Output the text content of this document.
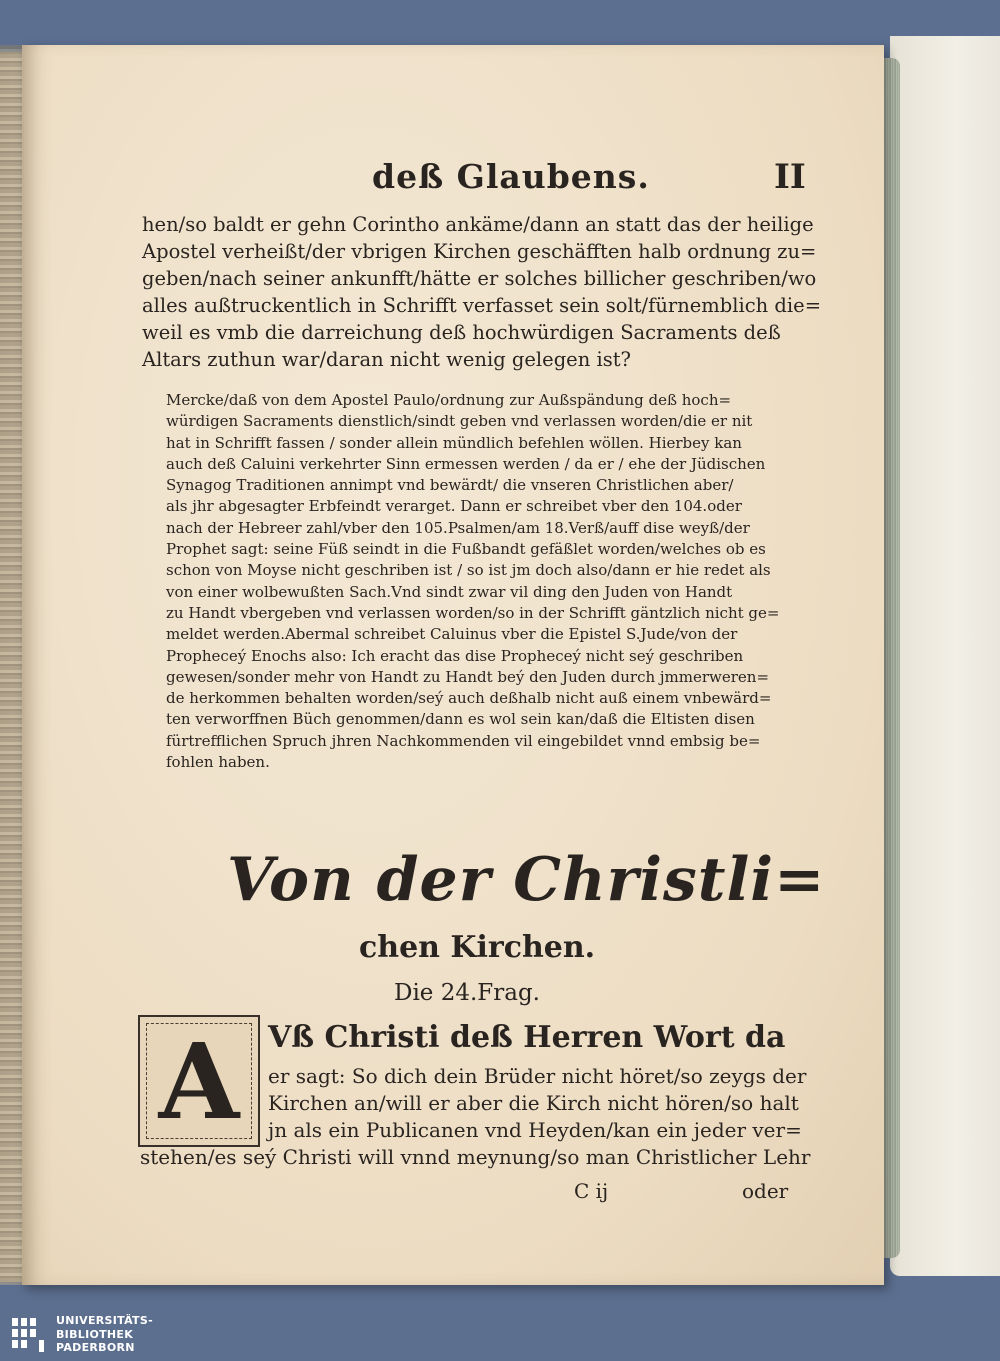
deß Glaubens.	II
hen/so baldt er gehn Corintho ankäme/dann an statt das der heilige
Apostel verheißt/der vbrigen Kirchen geschäfften halb ordnung zu=
geben/nach seiner ankunfft/hätte er solches billicher geschriben/wo
alles außtruckentlich in Schrifft verfasset sein solt/fürnemblich die=
weil es vmb die darreichung deß hochwürdigen Sacraments deß
Altars zuthun war/daran nicht wenig gelegen ist?
Mercke/daß von dem Apostel Paulo/ordnung zur Außspändung deß hoch=
würdigen Sacraments dienstlich/sindt geben vnd verlassen worden/die er nit
hat in Schrifft fassen / sonder allein mündlich befehlen wöllen. Hierbey kan
auch deß Caluini verkehrter Sinn ermessen werden / da er / ehe der Jüdischen
Synagog Traditionen annimpt vnd bewärdt/ die vnseren Christlichen aber/
als jhr abgesagter Erbfeindt verarget. Dann er schreibet vber den 104.oder
nach der Hebreer zahl/vber den 105.Psalmen/am 18.Verß/auff dise weyß/der
Prophet sagt: seine Füß seindt in die Fußbandt gefäßlet worden/welches ob es
schon von Moyse nicht geschriben ist / so ist jm doch also/dann er hie redet als
von einer wolbewußten Sach.Vnd sindt zwar vil ding den Juden von Handt
zu Handt vbergeben vnd verlassen worden/so in der Schrifft gäntzlich nicht ge=
meldet werden.Abermal schreibet Caluinus vber die Epistel S.Jude/von der
Propheceý Enochs also: Ich eracht das dise Propheceý nicht seý geschriben
gewesen/sonder mehr von Handt zu Handt beý den Juden durch jmmerweren=
de herkommen behalten worden/seý auch deßhalb nicht auß einem vnbewärd=
ten verworffnen Büch genommen/dann es wol sein kan/daß die Eltisten disen
fürtrefflichen Spruch jhren Nachkommenden vil eingebildet vnnd embsig be=
fohlen haben.
Von der Christli=
chen Kirchen.
Die 24.Frag.
A Vß Christi deß Herren Wort da
er sagt: So dich dein Brüder nicht höret/so zeygs der
Kirchen an/will er aber die Kirch nicht hören/so halt
jn als ein Publicanen vnd Heyden/kan ein jeder ver=
stehen/es seý Christi will vnnd meynung/so man Christlicher Lehr
C ij	oder
UNIVERSITÄTS-
BIBLIOTHEK
PADERBORN
